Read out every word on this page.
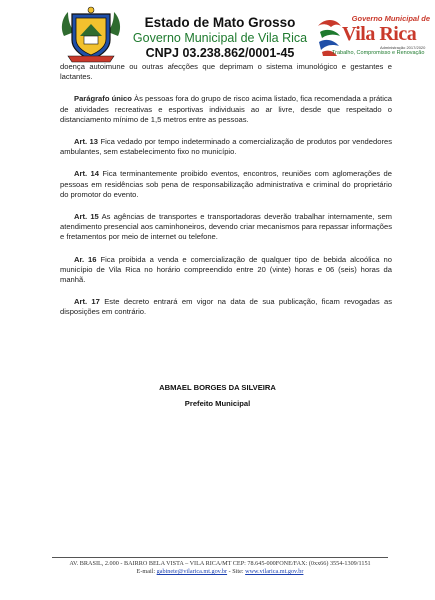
Estado de Mato Grosso
Governo Municipal de Vila Rica
CNPJ 03.238.862/0001-45
Governo Municipal de
Vila Rica
Administração 2017/2020
Trabalho, Compromisso e Renovação

doença autoimune ou outras afecções que deprimam o sistema imunológico e gestantes e lactantes.

Parágrafo único Às pessoas fora do grupo de risco acima listado, fica recomendada a prática de atividades recreativas e esportivas individuais ao ar livre, desde que respeitado o distanciamento mínimo de 1,5 metros entre as pessoas.

Art. 13 Fica vedado por tempo indeterminado a comercialização de produtos por vendedores ambulantes, sem estabelecimento fixo no município.

Art. 14 Fica terminantemente proibido eventos, encontros, reuniões com aglomerações de pessoas em residências sob pena de responsabilização administrativa e criminal do proprietário do promotor do evento.

Art. 15 As agências de transportes e transportadoras deverão trabalhar internamente, sem atendimento presencial aos caminhoneiros, devendo criar mecanismos para repassar informações e fretamentos por meio de internet ou telefone.

Ar. 16 Fica proibida a venda e comercialização de qualquer tipo de bebida alcoólica no município de Vila Rica no horário compreendido entre 20 (vinte) horas e 06 (seis) horas da manhã.

Art. 17 Este decreto entrará em vigor na data de sua publicação, ficam revogadas as disposições em contrário.

ABMAEL BORGES DA SILVEIRA
Prefeito Municipal
AV. BRASIL, 2.000 - BAIRRO BELA VISTA – VILA RICA/MT CEP: 78.645-000FONE/FAX: (0xx66) 3554-1309/1151
E-mail: gabinete@vilarica.mt.gov.br - Site: www.vilarica.mt.gov.br
